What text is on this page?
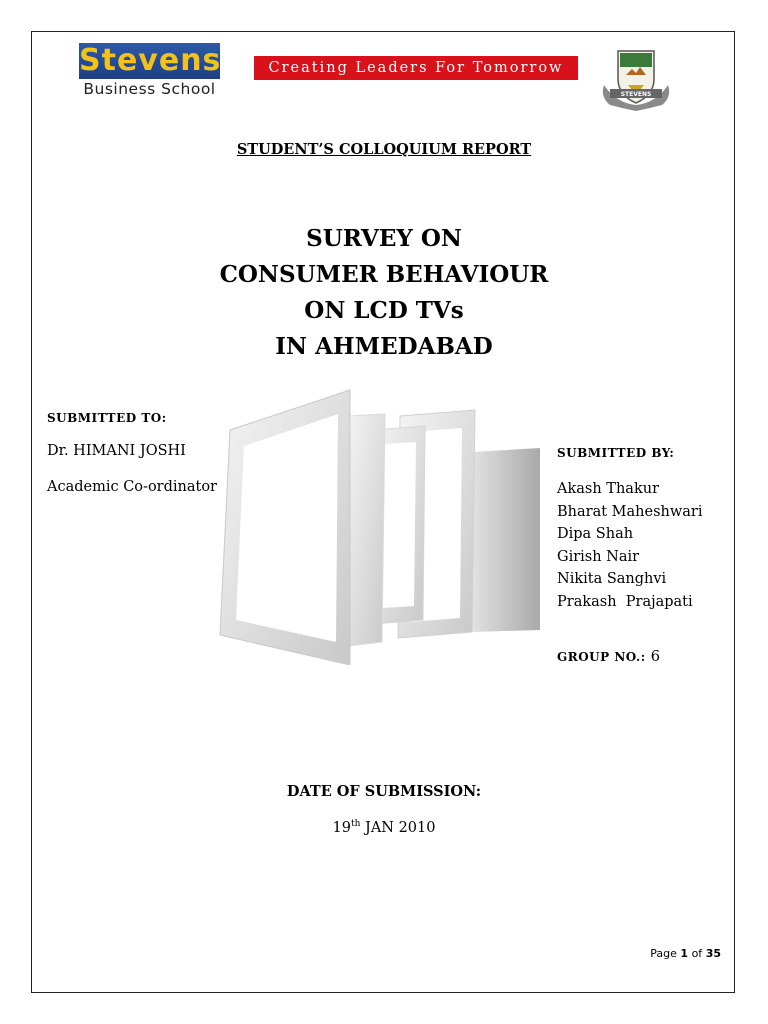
Stevens
Business School
Creating Leaders For Tomorrow
STEVENS
STUDENT’S COLLOQUIUM REPORT
SURVEY ON
CONSUMER BEHAVIOUR
ON LCD TVs
IN AHMEDABAD
SUBMITTED TO:
Dr. HIMANI JOSHI
Academic Co-ordinator
SUBMITTED BY:
Akash Thakur
Bharat Maheshwari
Dipa Shah
Girish Nair
Nikita Sanghvi
Prakash  Prajapati
GROUP NO.: 6
DATE OF SUBMISSION:
19th JAN 2010
Page 1 of 35
